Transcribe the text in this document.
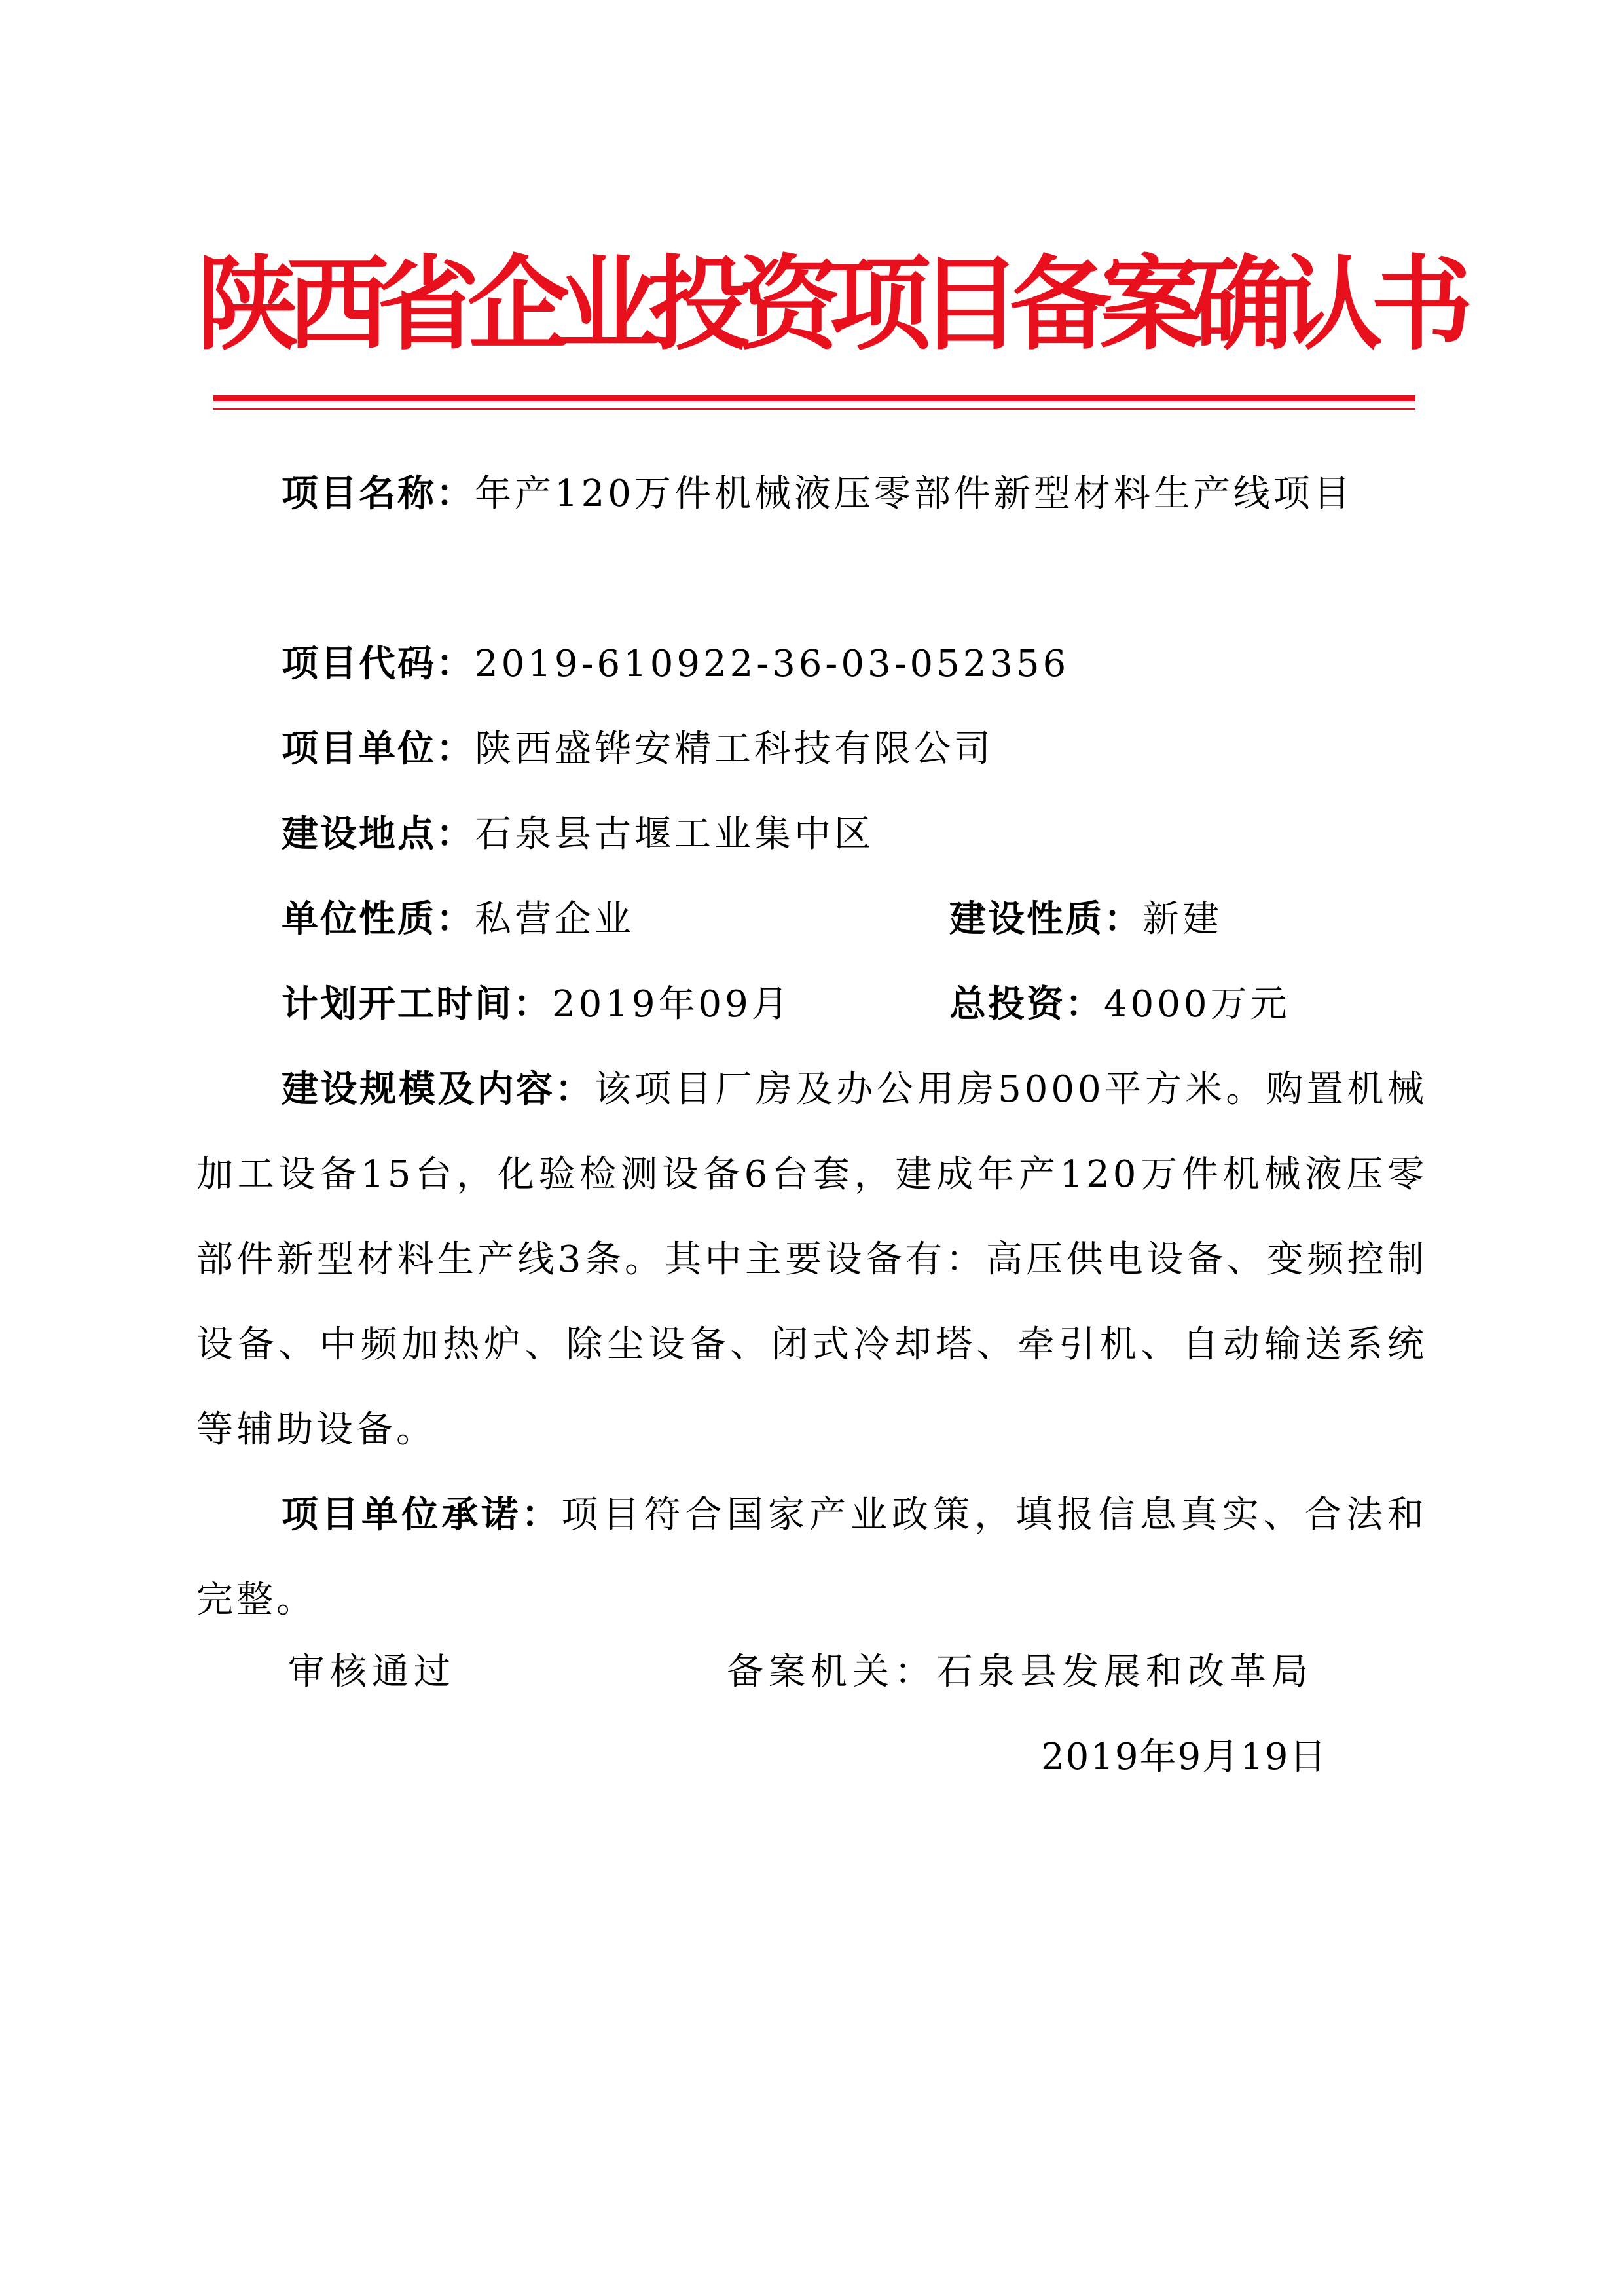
陕西省企业投资项目备案确认书

项目名称：年产120万件机械液压零部件新型材料生产线项目

项目代码：2019-610922-36-03-052356

项目单位：陕西盛铧安精工科技有限公司

建设地点：石泉县古堰工业集中区

单位性质：私营企业	建设性质：新建

计划开工时间：2019年09月	总投资：4000万元

建设规模及内容：该项目厂房及办公用房5000平方米。购置机械加工设备15台，化验检测设备6台套，建成年产120万件机械液压零部件新型材料生产线3条。其中主要设备有：高压供电设备、变频控制设备、中频加热炉、除尘设备、闭式冷却塔、牵引机、自动输送系统等辅助设备。

项目单位承诺：项目符合国家产业政策，填报信息真实、合法和完整。

审核通过	备案机关：石泉县发展和改革局

2019年9月19日
